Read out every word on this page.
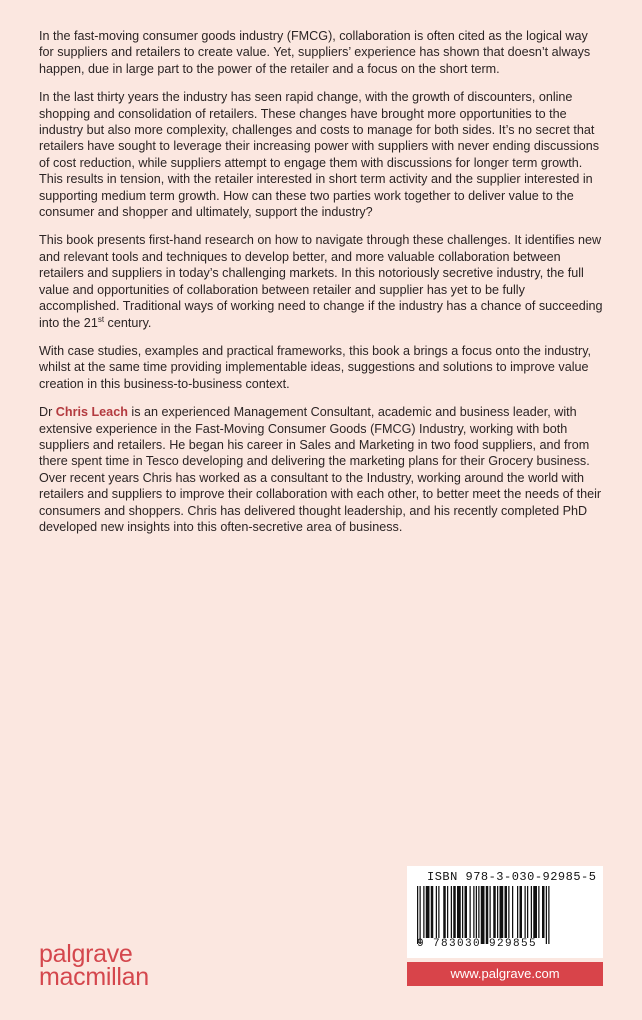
In the fast-moving consumer goods industry (FMCG), collaboration is often cited as the logical way for suppliers and retailers to create value. Yet, suppliers’ experience has shown that doesn’t always happen, due in large part to the power of the retailer and a focus on the short term.

In the last thirty years the industry has seen rapid change, with the growth of discounters, online shopping and consolidation of retailers. These changes have brought more opportunities to the industry but also more complexity, challenges and costs to manage for both sides. It’s no secret that retailers have sought to leverage their increasing power with suppliers with never ending discussions of cost reduction, while suppliers attempt to engage them with discussions for longer term growth. This results in tension, with the retailer interested in short term activity and the supplier interested in supporting medium term growth. How can these two parties work together to deliver value to the consumer and shopper and ultimately, support the industry?

This book presents first-hand research on how to navigate through these challenges. It identifies new and relevant tools and techniques to develop better, and more valuable collaboration between retailers and suppliers in today’s challenging markets. In this notoriously secretive industry, the full value and opportunities of collaboration between retailer and supplier has yet to be fully accomplished. Traditional ways of working need to change if the industry has a chance of succeeding into the 21st century.

With case studies, examples and practical frameworks, this book a brings a focus onto the industry, whilst at the same time providing implementable ideas, suggestions and solutions to improve value creation in this business-to-business context.

Dr Chris Leach is an experienced Management Consultant, academic and business leader, with extensive experience in the Fast-Moving Consumer Goods (FMCG) Industry, working with both suppliers and retailers. He began his career in Sales and Marketing in two food suppliers, and from there spent time in Tesco developing and delivering the marketing plans for their Grocery business. Over recent years Chris has worked as a consultant to the Industry, working around the world with retailers and suppliers to improve their collaboration with each other, to better meet the needs of their consumers and shoppers. Chris has delivered thought leadership, and his recently completed PhD developed new insights into this often-secretive area of business.

palgrave
macmillan
ISBN 978-3-030-92985-5
9 783030 929855
www.palgrave.com
